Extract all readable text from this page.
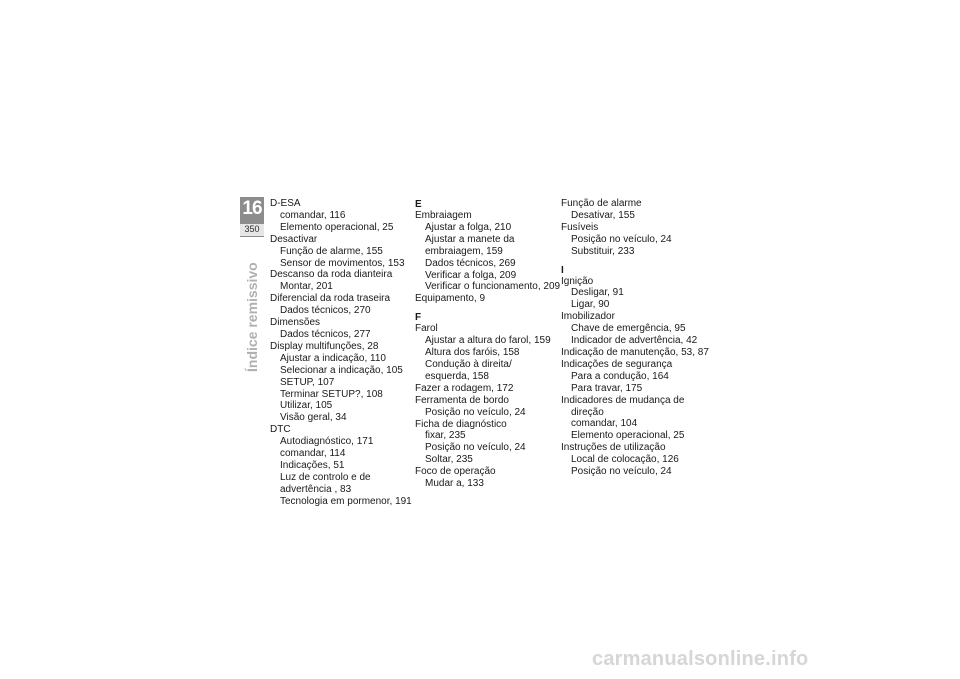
16
350
Índice remissivo
D-ESA
comandar, 116
Elemento operacional, 25
Desactivar
Função de alarme, 155
Sensor de movimentos, 153
Descanso da roda dianteira
Montar, 201
Diferencial da roda traseira
Dados técnicos, 270
Dimensões
Dados técnicos, 277
Display multifunções, 28
Ajustar a indicação, 110
Selecionar a indicação, 105
SETUP, 107
Terminar SETUP?, 108
Utilizar, 105
Visão geral, 34
DTC
Autodiagnóstico, 171
comandar, 114
Indicações, 51
Luz de controlo e de
advertência , 83
Tecnologia em pormenor, 191
E
Embraiagem
Ajustar a folga, 210
Ajustar a manete da
embraiagem, 159
Dados técnicos, 269
Verificar a folga, 209
Verificar o funcionamento, 209
Equipamento, 9
F
Farol
Ajustar a altura do farol, 159
Altura dos faróis, 158
Condução à direita/
esquerda, 158
Fazer a rodagem, 172
Ferramenta de bordo
Posição no veículo, 24
Ficha de diagnóstico
fixar, 235
Posição no veículo, 24
Soltar, 235
Foco de operação
Mudar a, 133
Função de alarme
Desativar, 155
Fusíveis
Posição no veículo, 24
Substituir, 233
I
Ignição
Desligar, 91
Ligar, 90
Imobilizador
Chave de emergência, 95
Indicador de advertência, 42
Indicação de manutenção, 53, 87
Indicações de segurança
Para a condução, 164
Para travar, 175
Indicadores de mudança de
direção
comandar, 104
Elemento operacional, 25
Instruções de utilização
Local de colocação, 126
Posição no veículo, 24
carmanualsonline.info
